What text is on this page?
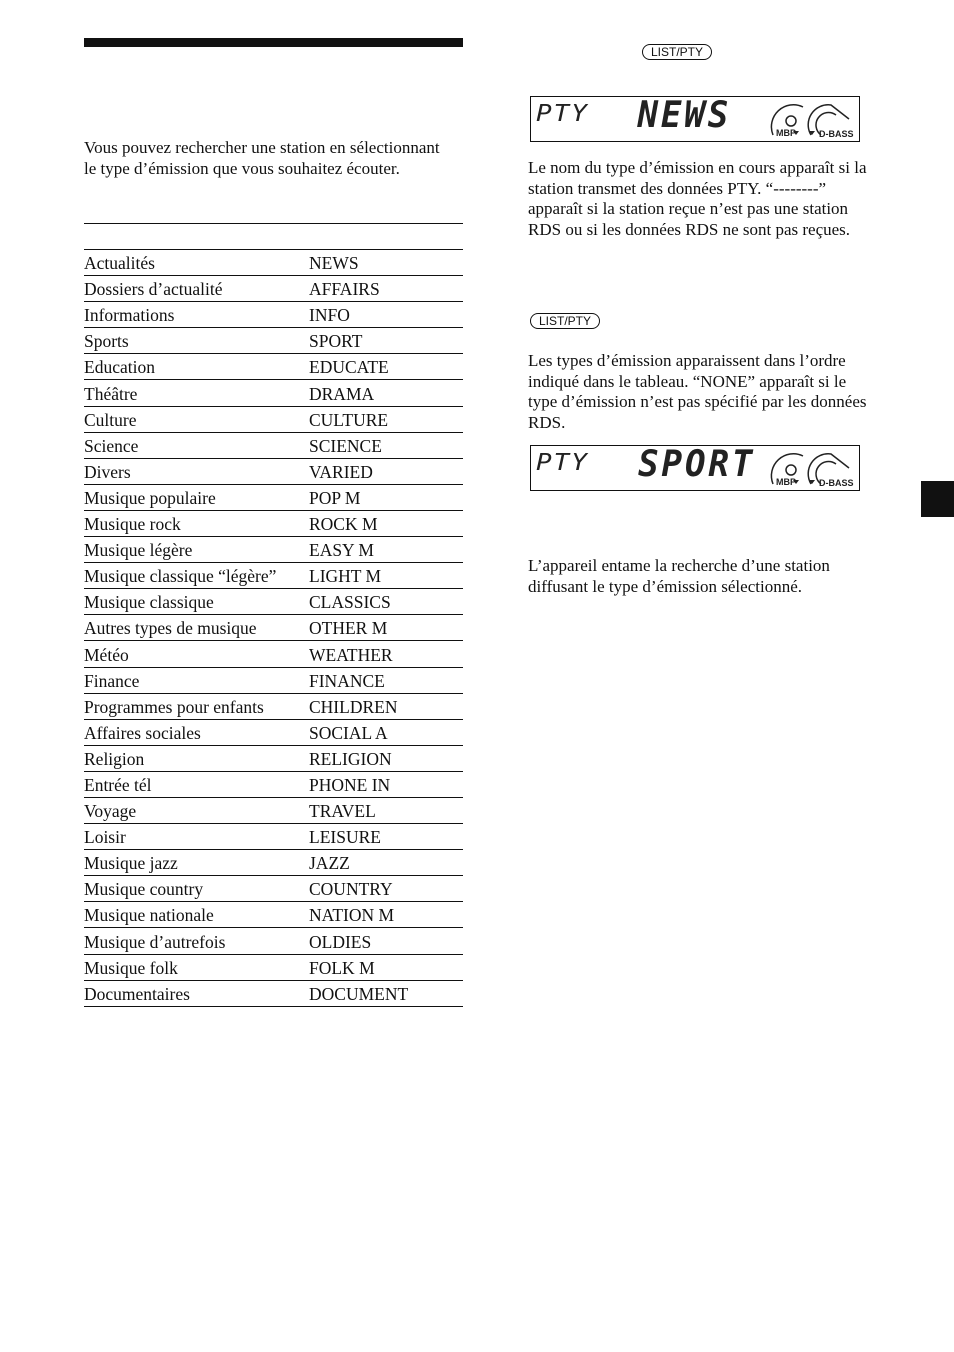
Vous pouvez rechercher une station en sélectionnant le type d’émission que vous souhaitez écouter.

Actualités	NEWS
Dossiers d’actualité	AFFAIRS
Informations	INFO
Sports	SPORT
Education	EDUCATE
Théâtre	DRAMA
Culture	CULTURE
Science	SCIENCE
Divers	VARIED
Musique populaire	POP M
Musique rock	ROCK M
Musique légère	EASY M
Musique classique “légère”	LIGHT M
Musique classique	CLASSICS
Autres types de musique	OTHER M
Météo	WEATHER
Finance	FINANCE
Programmes pour enfants	CHILDREN
Affaires sociales	SOCIAL A
Religion	RELIGION
Entrée tél	PHONE IN
Voyage	TRAVEL
Loisir	LEISURE
Musique jazz	JAZZ
Musique country	COUNTRY
Musique nationale	NATION M
Musique d’autrefois	OLDIES
Musique folk	FOLK M
Documentaires	DOCUMENT
LIST/PTY
PTY NEWS	MBP	D-BASS

Le nom du type d’émission en cours apparaît si la station transmet des données PTY. “--------” apparaît si la station reçue n’est pas une station RDS ou si les données RDS ne sont pas reçues.

LIST/PTY

Les types d’émission apparaissent dans l’ordre indiqué dans le tableau. “NONE” apparaît si le type d’émission n’est pas spécifié par les données RDS.

PTY SPORT MBP	D-BASS

L’appareil entame la recherche d’une station diffusant le type d’émission sélectionné.
